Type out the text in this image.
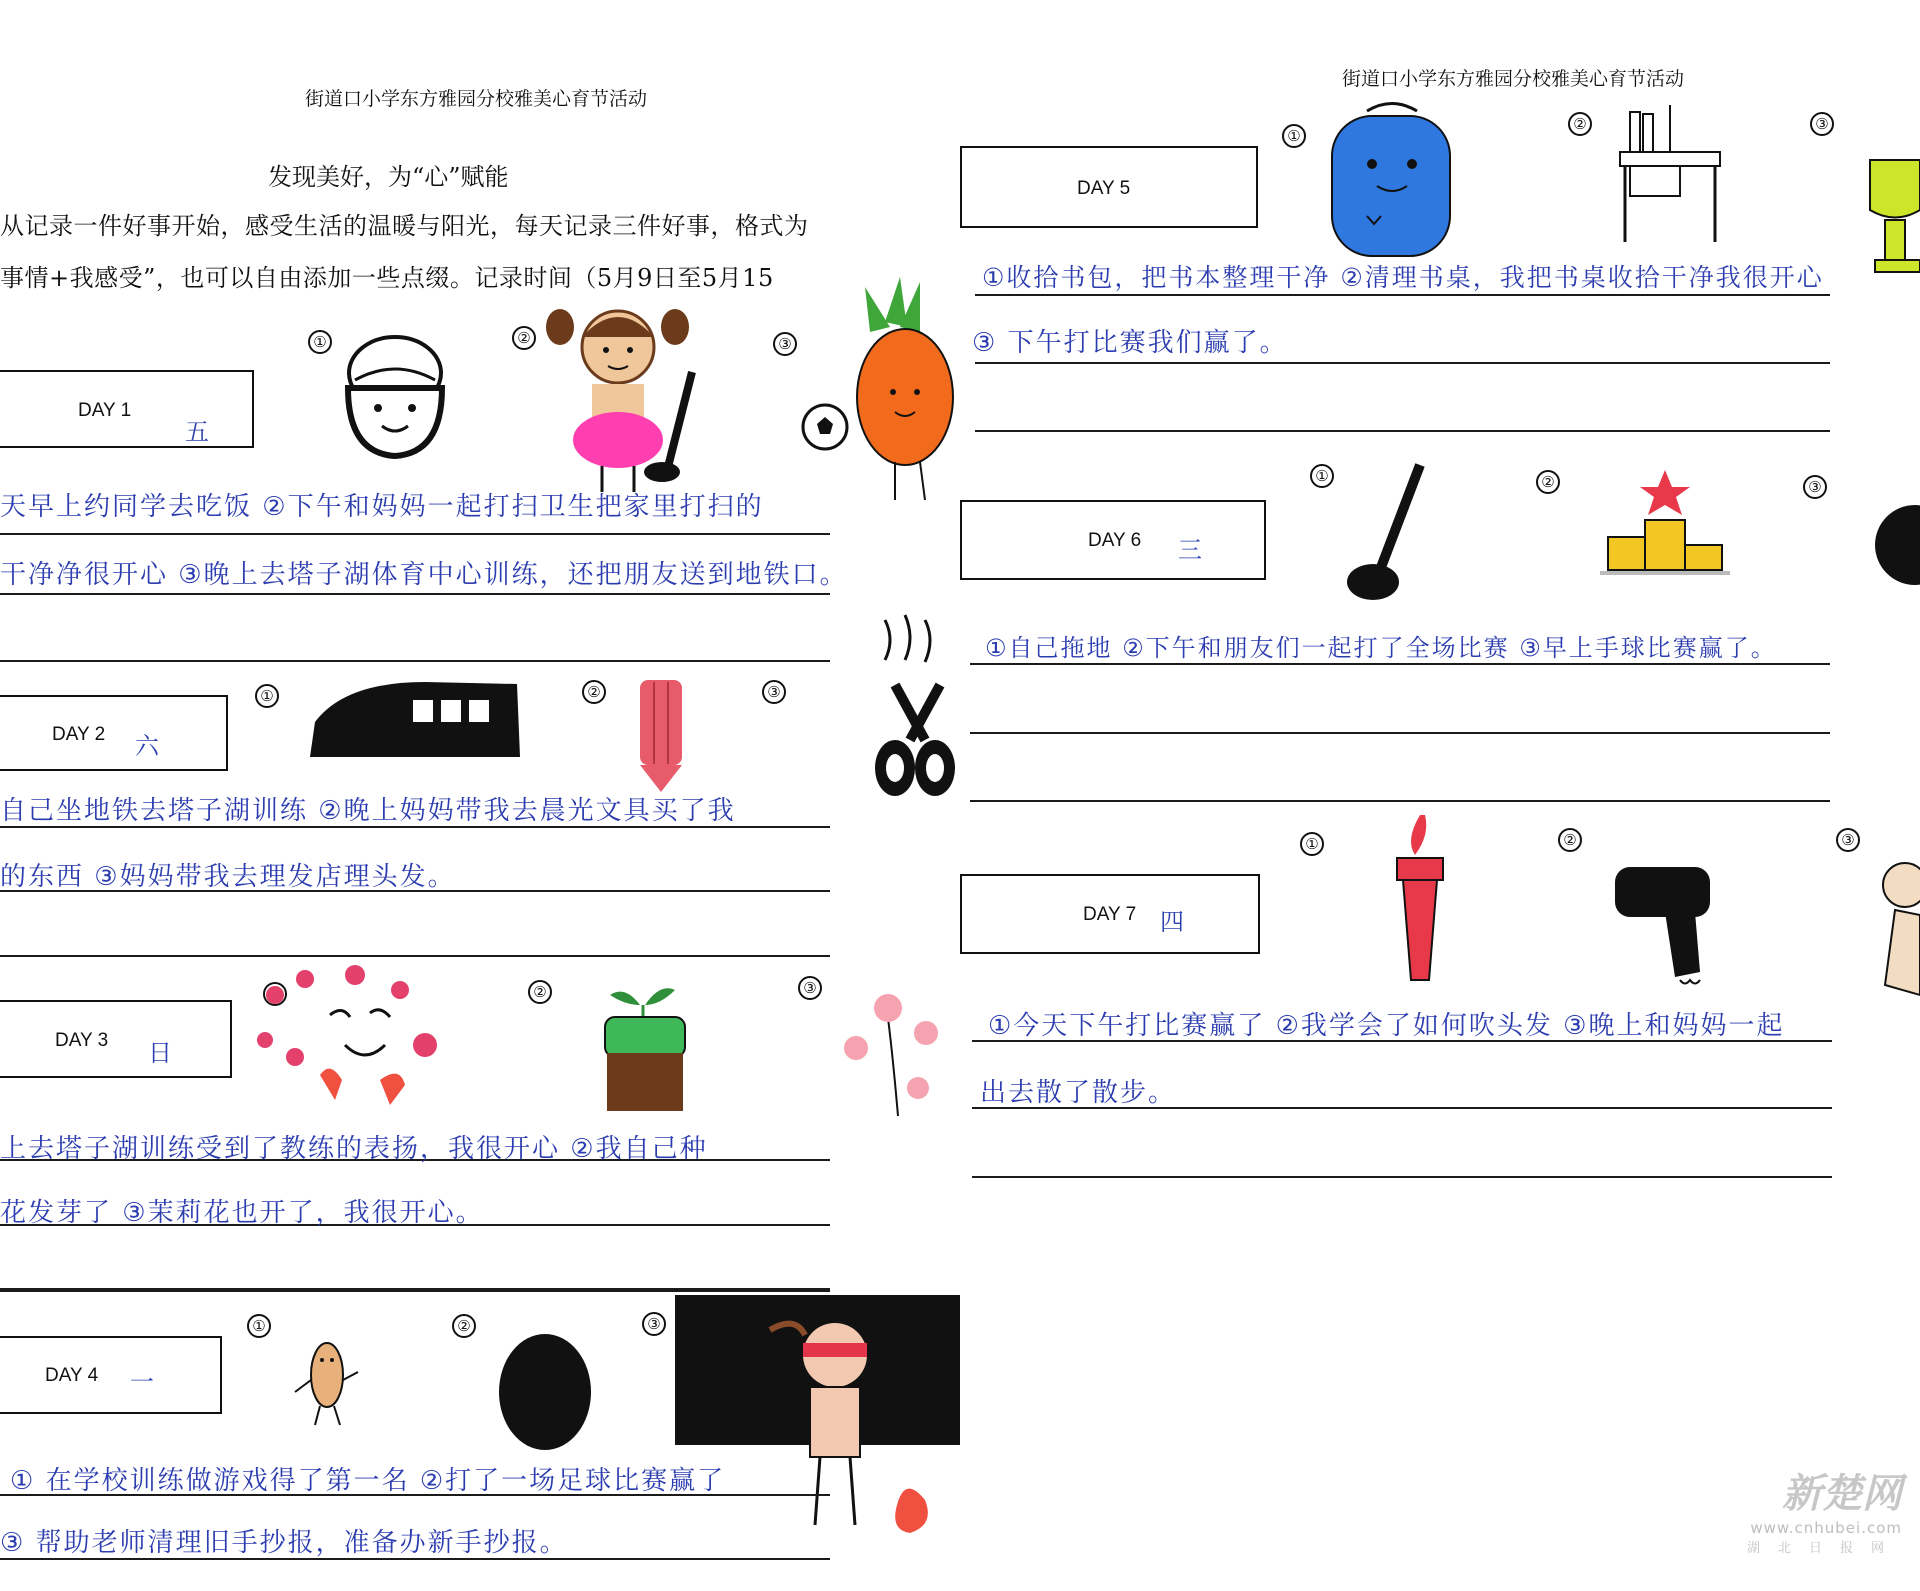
街道口小学东方雅园分校雅美心育节活动
发现美好，为“心”赋能
从记录一件好事开始，感受生活的温暖与阳光，每天记录三件好事，格式为
事情+我感受”，也可以自由添加一些点缀。记录时间（5月9日至5月15
DAY 1
五
①	②	③
天早上约同学去吃饭 ②下午和妈妈一起打扫卫生把家里打扫的
干净净很开心 ③晚上去塔子湖体育中心训练，还把朋友送到地铁口。
DAY 2 六
①	②	③
自己坐地铁去塔子湖训练 ②晚上妈妈带我去晨光文具买了我
的东西 ③妈妈带我去理发店理头发。
DAY 3 日
②	③
上去塔子湖训练受到了教练的表扬，我很开心 ②我自己种
花发芽了 ③茉莉花也开了，我很开心。
DAY 4 一
①	②	③
① 在学校训练做游戏得了第一名 ②打了一场足球比赛赢了
③ 帮助老师清理旧手抄报，准备办新手抄报。
街道口小学东方雅园分校雅美心育节活动
DAY 5
①
②	③
①收拾书包，把书本整理干净 ②清理书桌，我把书桌收拾干净我很开心
③ 下午打比赛我们赢了。
DAY 6 三
①	②	③
①自己拖地 ②下午和朋友们一起打了全场比赛 ③早上手球比赛赢了。
DAY 7 四
①	②	③
①今天下午打比赛赢了 ②我学会了如何吹头发 ③晚上和妈妈一起
出去散了散步。
新楚网
www.cnhubei.com
湖北日报网
